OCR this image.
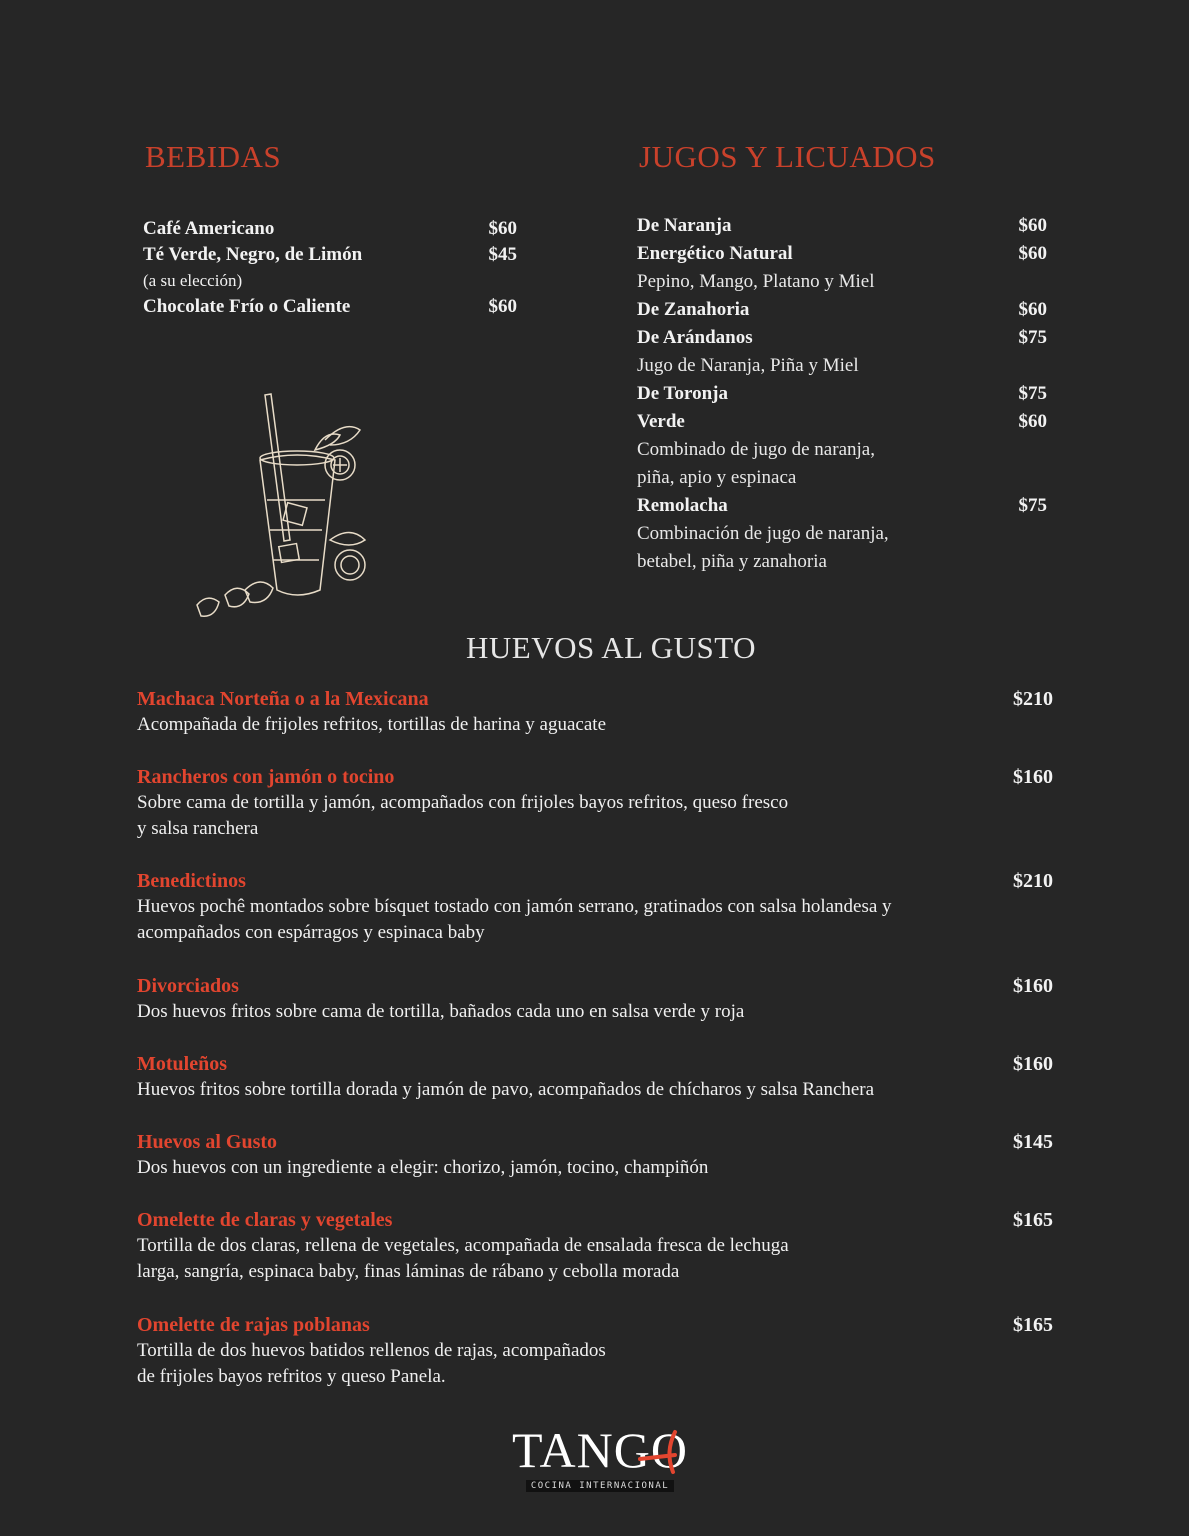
BEBIDAS	JUGOS Y LICUADOS
Café Americano	$60
Té Verde, Negro, de Limón	$45
(a su elección)
Chocolate Frío o Caliente	$60
De Naranja	$60
Energético Natural	$60
Pepino, Mango, Platano y Miel
De Zanahoria	$60
De Arándanos	$75
Jugo de Naranja, Piña y Miel
De Toronja	$75
Verde	$60
Combinado de jugo de naranja,
piña, apio y espinaca
Remolacha	$75
Combinación de jugo de naranja,
betabel, piña y zanahoria
HUEVOS AL GUSTO
Machaca Norteña o a la Mexicana	$210
Acompañada de frijoles refritos, tortillas de harina y aguacate
Rancheros con jamón o tocino	$160
Sobre cama de tortilla y jamón, acompañados con frijoles bayos refritos, queso fresco
y salsa ranchera
Benedictinos	$210
Huevos pochê montados sobre bísquet tostado con jamón serrano, gratinados con salsa holandesa y
acompañados con espárragos y espinaca baby
Divorciados	$160
Dos huevos fritos sobre cama de tortilla, bañados cada uno en salsa verde y roja
Motuleños	$160
Huevos fritos sobre tortilla dorada y jamón de pavo, acompañados de chícharos y salsa Ranchera
Huevos al Gusto	$145
Dos huevos con un ingrediente a elegir: chorizo, jamón, tocino, champiñón
Omelette de claras y vegetales	$165
Tortilla de dos claras, rellena de vegetales, acompañada de ensalada fresca de lechuga
larga, sangría, espinaca baby, finas láminas de rábano y cebolla morada
Omelette de rajas poblanas	$165
Tortilla de dos huevos batidos rellenos de rajas, acompañados
de frijoles bayos refritos y queso Panela.
TANGO

COCINA INTERNACIONAL
